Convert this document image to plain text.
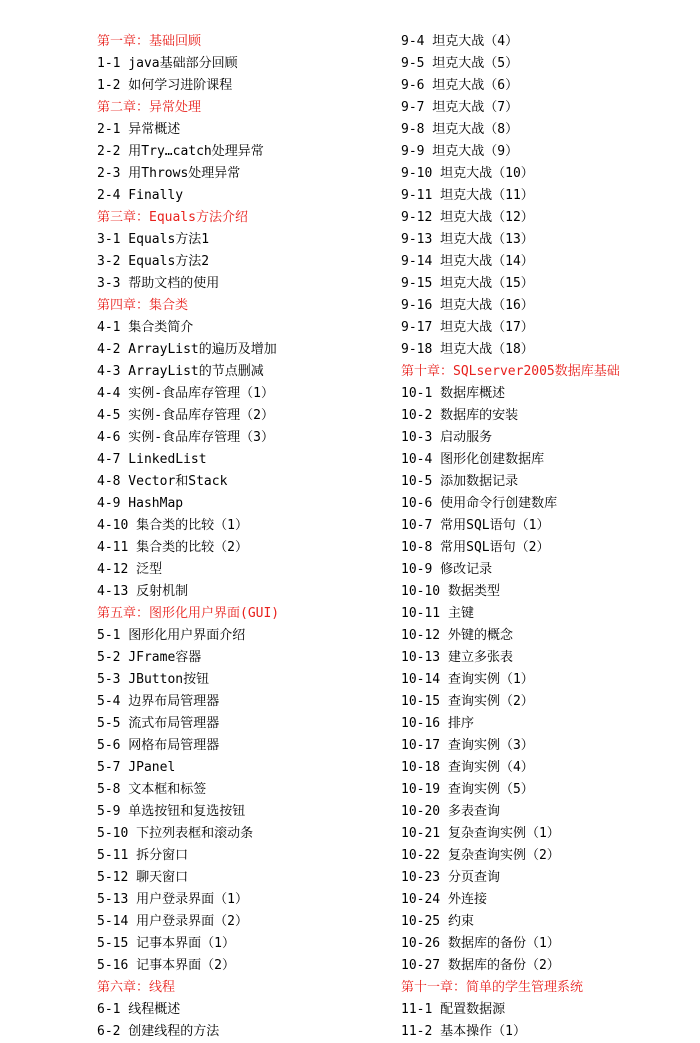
第一章：基础回顾
1-1 java基础部分回顾
1-2 如何学习进阶课程
第二章：异常处理
2-1 异常概述
2-2 用Try…catch处理异常
2-3 用Throws处理异常
2-4 Finally
第三章：Equals方法介绍
3-1 Equals方法1
3-2 Equals方法2
3-3 帮助文档的使用
第四章：集合类
4-1 集合类简介
4-2 ArrayList的遍历及增加
4-3 ArrayList的节点删减
4-4 实例-食品库存管理（1）
4-5 实例-食品库存管理（2）
4-6 实例-食品库存管理（3）
4-7 LinkedList
4-8 Vector和Stack
4-9 HashMap
4-10 集合类的比较（1）
4-11 集合类的比较（2）
4-12 泛型
4-13 反射机制
第五章：图形化用户界面(GUI)
5-1 图形化用户界面介绍
5-2 JFrame容器
5-3 JButton按钮
5-4 边界布局管理器
5-5 流式布局管理器
5-6 网格布局管理器
5-7 JPanel
5-8 文本框和标签
5-9 单选按钮和复选按钮
5-10 下拉列表框和滚动条
5-11 拆分窗口
5-12 聊天窗口
5-13 用户登录界面（1）
5-14 用户登录界面（2）
5-15 记事本界面（1）
5-16 记事本界面（2）
第六章：线程
6-1 线程概述
6-2 创建线程的方法
9-4 坦克大战（4）
9-5 坦克大战（5）
9-6 坦克大战（6）
9-7 坦克大战（7）
9-8 坦克大战（8）
9-9 坦克大战（9）
9-10 坦克大战（10）
9-11 坦克大战（11）
9-12 坦克大战（12）
9-13 坦克大战（13）
9-14 坦克大战（14）
9-15 坦克大战（15）
9-16 坦克大战（16）
9-17 坦克大战（17）
9-18 坦克大战（18）
第十章：SQLserver2005数据库基础
10-1 数据库概述
10-2 数据库的安装
10-3 启动服务
10-4 图形化创建数据库
10-5 添加数据记录
10-6 使用命令行创建数库
10-7 常用SQL语句（1）
10-8 常用SQL语句（2）
10-9 修改记录
10-10 数据类型
10-11 主键
10-12 外键的概念
10-13 建立多张表
10-14 查询实例（1）
10-15 查询实例（2）
10-16 排序
10-17 查询实例（3）
10-18 查询实例（4）
10-19 查询实例（5）
10-20 多表查询
10-21 复杂查询实例（1）
10-22 复杂查询实例（2）
10-23 分页查询
10-24 外连接
10-25 约束
10-26 数据库的备份（1）
10-27 数据库的备份（2）
第十一章：简单的学生管理系统
11-1 配置数据源
11-2 基本操作（1）
